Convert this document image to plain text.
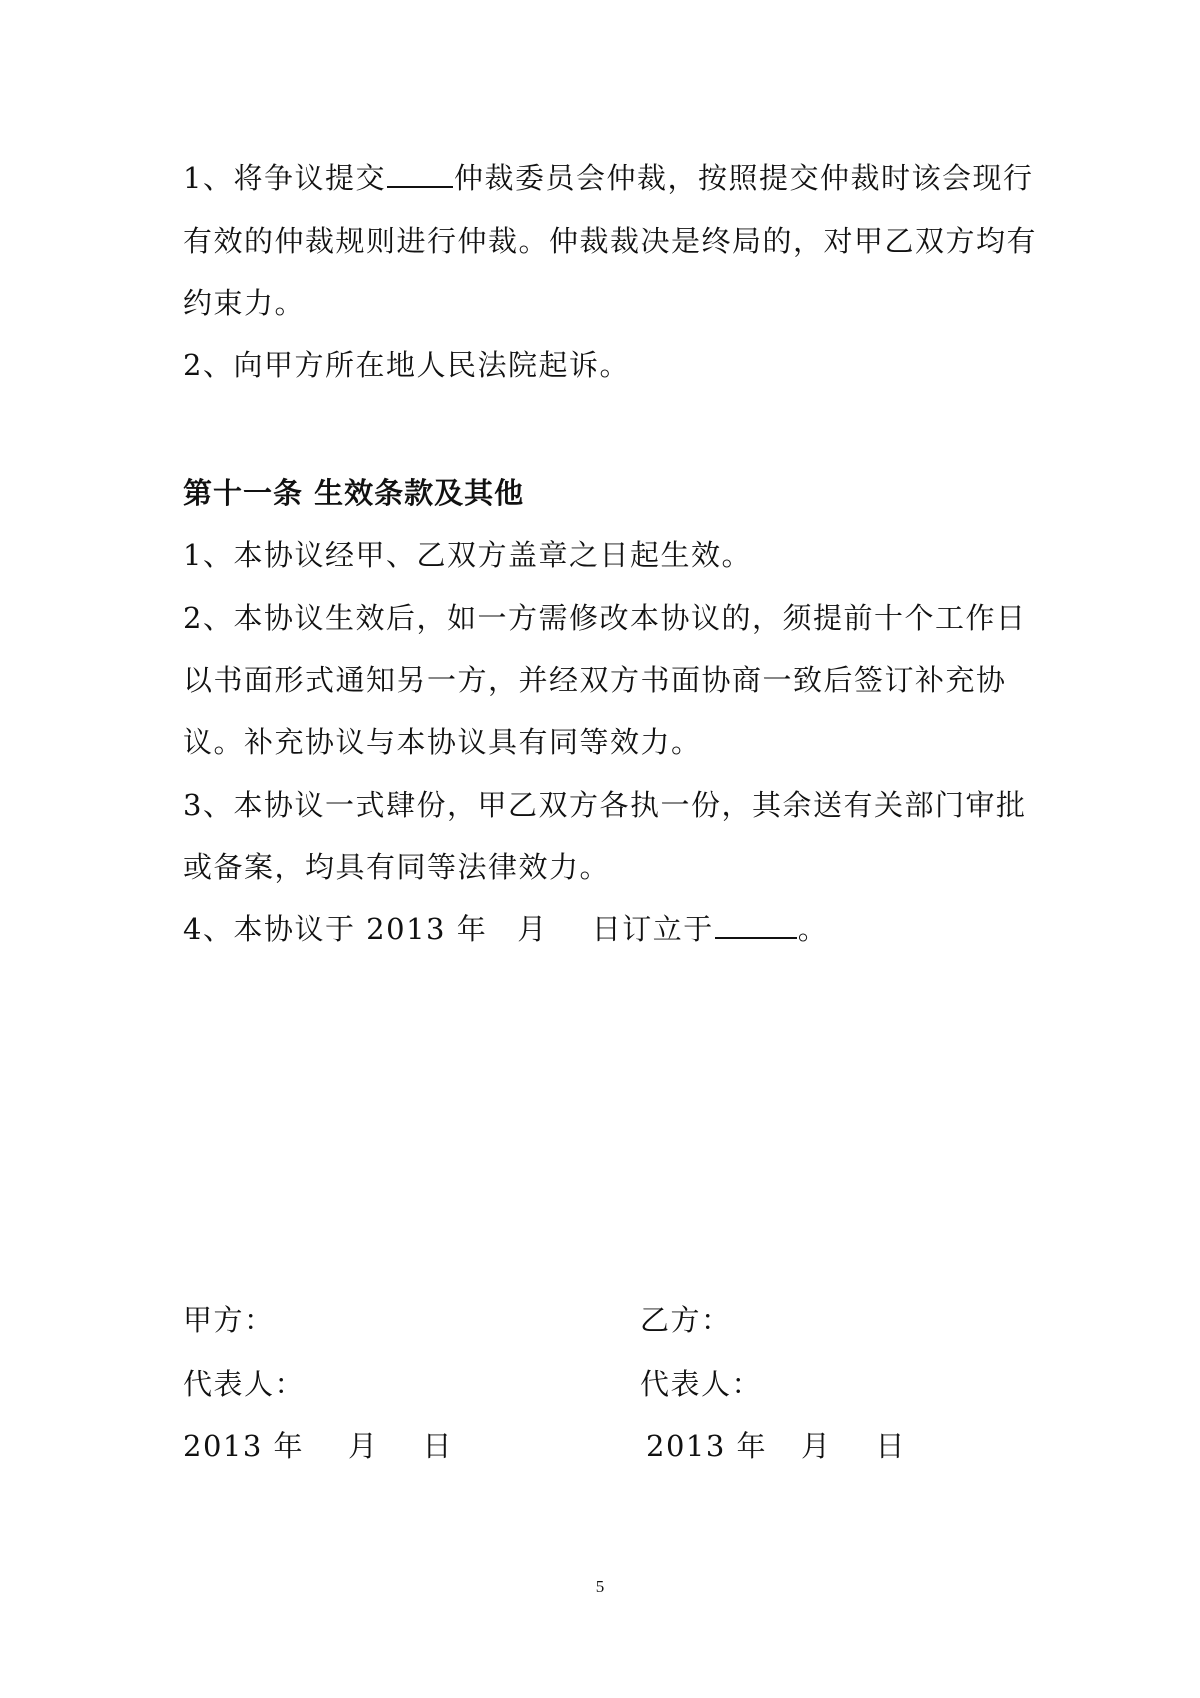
1、将争议提交 仲裁委员会仲裁，按照提交仲裁时该会现行
有效的仲裁规则进行仲裁。仲裁裁决是终局的，对甲乙双方均有
约束力。
2、向甲方所在地人民法院起诉。
第十一条 生效条款及其他
1、本协议经甲、乙双方盖章之日起生效。
2、本协议生效后，如一方需修改本协议的，须提前十个工作日
以书面形式通知另一方，并经双方书面协商一致后签订补充协
议。补充协议与本协议具有同等效力。
3、本协议一式肆份，甲乙双方各执一份，其余送有关部门审批
或备案，均具有同等法律效力。
4、本协议于 2013 年 月 日订立于	。
甲方：
代表人：
2013 年 月 日
乙方：
代表人：
2013 年 月 日
5
